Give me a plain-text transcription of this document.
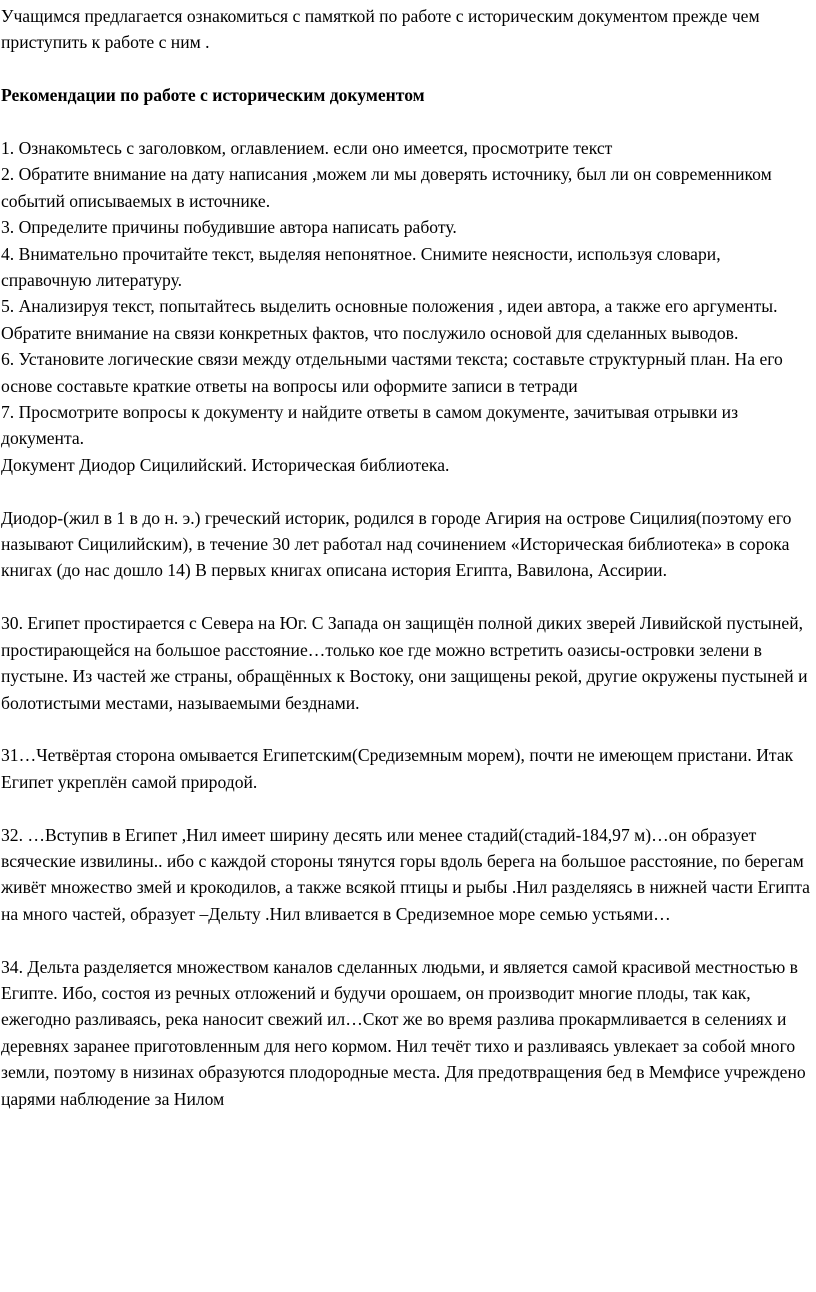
Учащимся предлагается ознакомиться с памяткой по работе с историческим документом прежде чем приступить к работе с ним .

Рекомендации по работе с историческим документом

1. Ознакомьтесь с заголовком, оглавлением. если оно имеется, просмотрите текст

2. Обратите внимание на дату написания ,можем ли мы доверять источнику, был ли он современником событий описываемых в источнике.

3. Определите причины побудившие автора написать работу.

4. Внимательно прочитайте текст, выделяя непонятное. Снимите неясности, используя словари, справочную литературу.

5. Анализируя текст, попытайтесь выделить основные положения , идеи автора, а также его аргументы. Обратите внимание на связи конкретных фактов, что послужило основой для сделанных выводов.

6. Установите логические связи между отдельными частями текста; составьте структурный план. На его основе составьте краткие ответы на вопросы или оформите записи в тетради

7. Просмотрите вопросы к документу и найдите ответы в самом документе, зачитывая отрывки из документа.

Документ Диодор Сицилийский. Историческая библиотека.

Диодор-(жил в 1 в до н. э.) греческий историк, родился в городе Агирия на острове Сицилия(поэтому его называют Сицилийским), в течение 30 лет работал над сочинением «Историческая библиотека» в сорока книгах (до нас дошло 14) В первых книгах описана история Египта, Вавилона, Ассирии.

30. Египет простирается с Севера на Юг. С Запада он защищён полной диких зверей Ливийской пустыней, простирающейся на большое расстояние…только кое где можно встретить оазисы-островки зелени в пустыне. Из частей же страны, обращённых к Востоку, они защищены рекой, другие окружены пустыней и болотистыми местами, называемыми безднами.

31…Четвёртая сторона омывается Египетским(Средиземным морем), почти не имеющем пристани. Итак Египет укреплён самой природой.

32. …Вступив в Египет ,Нил имеет ширину десять или менее стадий(стадий-184,97 м)…он образует всяческие извилины.. ибо с каждой стороны тянутся горы вдоль берега на большое расстояние, по берегам живёт множество змей и крокодилов, а также всякой птицы и рыбы .Нил разделяясь в нижней части Египта на много частей, образует –Дельту .Нил вливается в Средиземное море семью устьями…

34. Дельта разделяется множеством каналов сделанных людьми, и является самой красивой местностью в Египте. Ибо, состоя из речных отложений и будучи орошаем, он производит многие плоды, так как, ежегодно разливаясь, река наносит свежий ил…Скот же во время разлива прокармливается в селениях и деревнях заранее приготовленным для него кормом. Нил течёт тихо и разливаясь увлекает за собой много земли, поэтому в низинах образуются плодородные места. Для предотвращения бед в Мемфисе учреждено царями наблюдение за Нилом
